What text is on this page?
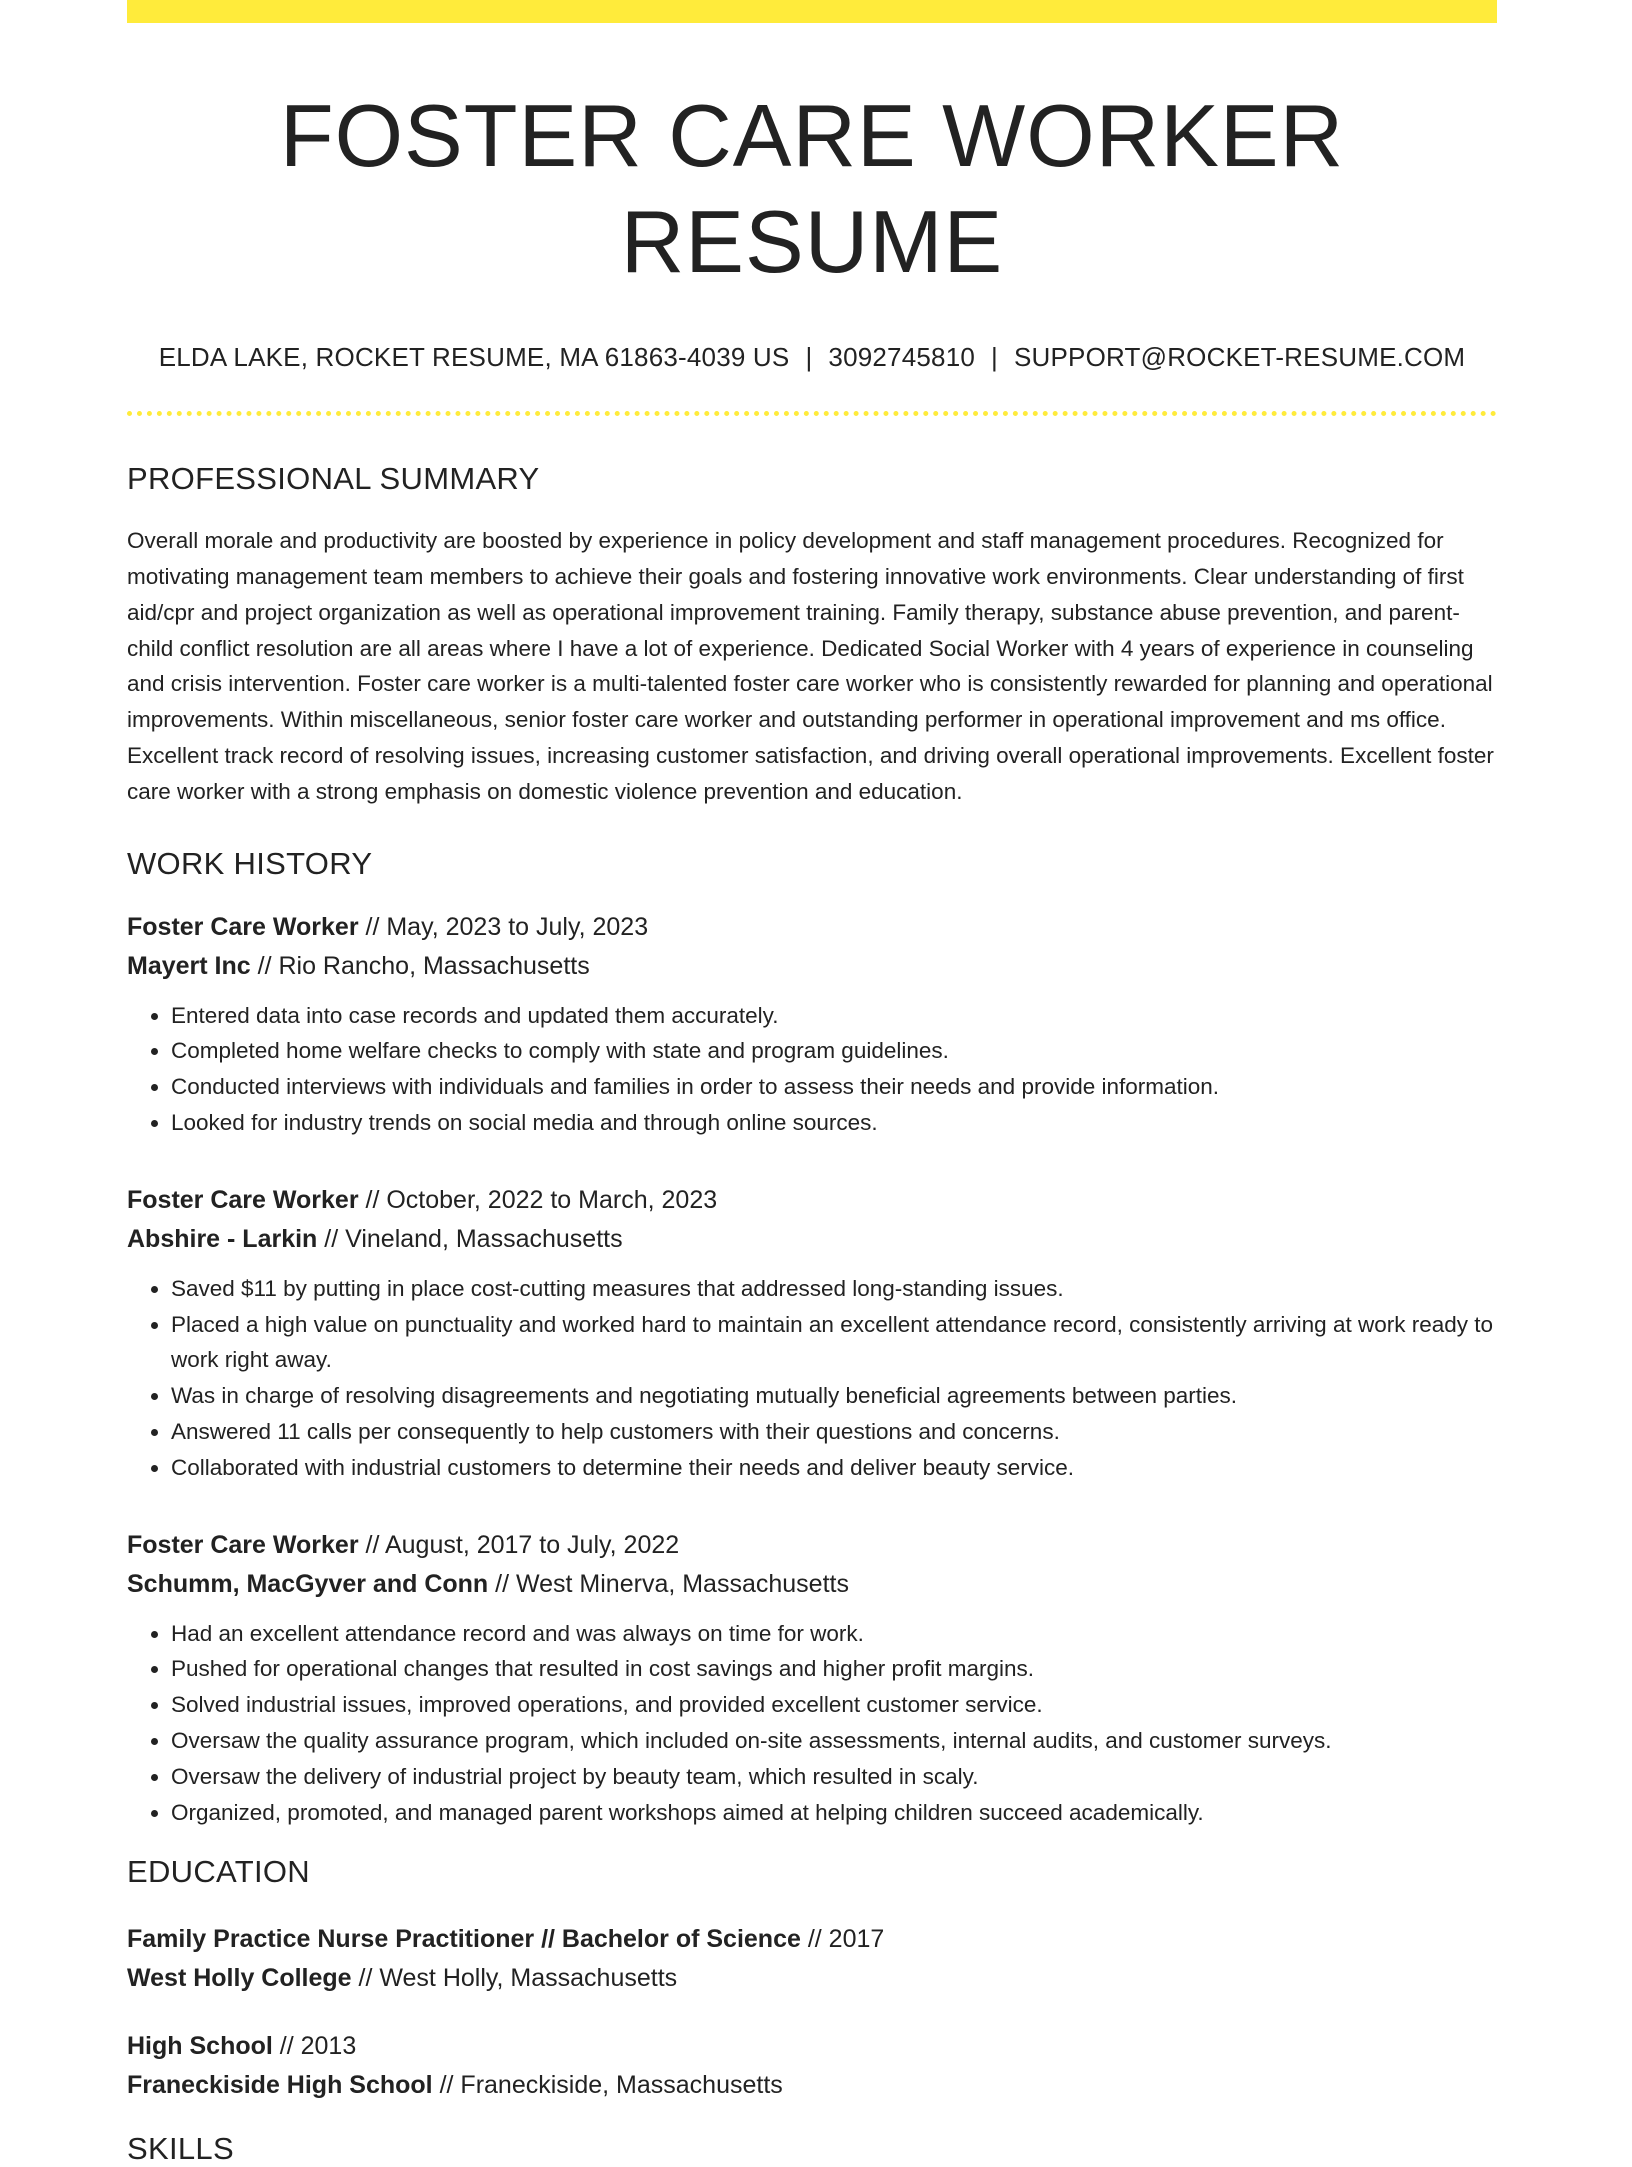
FOSTER CARE WORKER RESUME
ELDA LAKE, ROCKET RESUME, MA 61863-4039 US | 3092745810 | SUPPORT@ROCKET-RESUME.COM
PROFESSIONAL SUMMARY
Overall morale and productivity are boosted by experience in policy development and staff management procedures. Recognized for motivating management team members to achieve their goals and fostering innovative work environments. Clear understanding of first aid/cpr and project organization as well as operational improvement training. Family therapy, substance abuse prevention, and parent-child conflict resolution are all areas where I have a lot of experience. Dedicated Social Worker with 4 years of experience in counseling and crisis intervention. Foster care worker is a multi-talented foster care worker who is consistently rewarded for planning and operational improvements. Within miscellaneous, senior foster care worker and outstanding performer in operational improvement and ms office. Excellent track record of resolving issues, increasing customer satisfaction, and driving overall operational improvements. Excellent foster care worker with a strong emphasis on domestic violence prevention and education.
WORK HISTORY
Foster Care Worker // May, 2023 to July, 2023
Mayert Inc // Rio Rancho, Massachusetts
• Entered data into case records and updated them accurately.
• Completed home welfare checks to comply with state and program guidelines.
• Conducted interviews with individuals and families in order to assess their needs and provide information.
• Looked for industry trends on social media and through online sources.
Foster Care Worker // October, 2022 to March, 2023
Abshire - Larkin // Vineland, Massachusetts
• Saved $11 by putting in place cost-cutting measures that addressed long-standing issues.
• Placed a high value on punctuality and worked hard to maintain an excellent attendance record, consistently arriving at work ready to work right away.
• Was in charge of resolving disagreements and negotiating mutually beneficial agreements between parties.
• Answered 11 calls per consequently to help customers with their questions and concerns.
• Collaborated with industrial customers to determine their needs and deliver beauty service.
Foster Care Worker // August, 2017 to July, 2022
Schumm, MacGyver and Conn // West Minerva, Massachusetts
• Had an excellent attendance record and was always on time for work.
• Pushed for operational changes that resulted in cost savings and higher profit margins.
• Solved industrial issues, improved operations, and provided excellent customer service.
• Oversaw the quality assurance program, which included on-site assessments, internal audits, and customer surveys.
• Oversaw the delivery of industrial project by beauty team, which resulted in scaly.
• Organized, promoted, and managed parent workshops aimed at helping children succeed academically.
EDUCATION
Family Practice Nurse Practitioner // Bachelor of Science // 2017
West Holly College // West Holly, Massachusetts
High School // 2013
Franeckiside High School // Franeckiside, Massachusetts
SKILLS
